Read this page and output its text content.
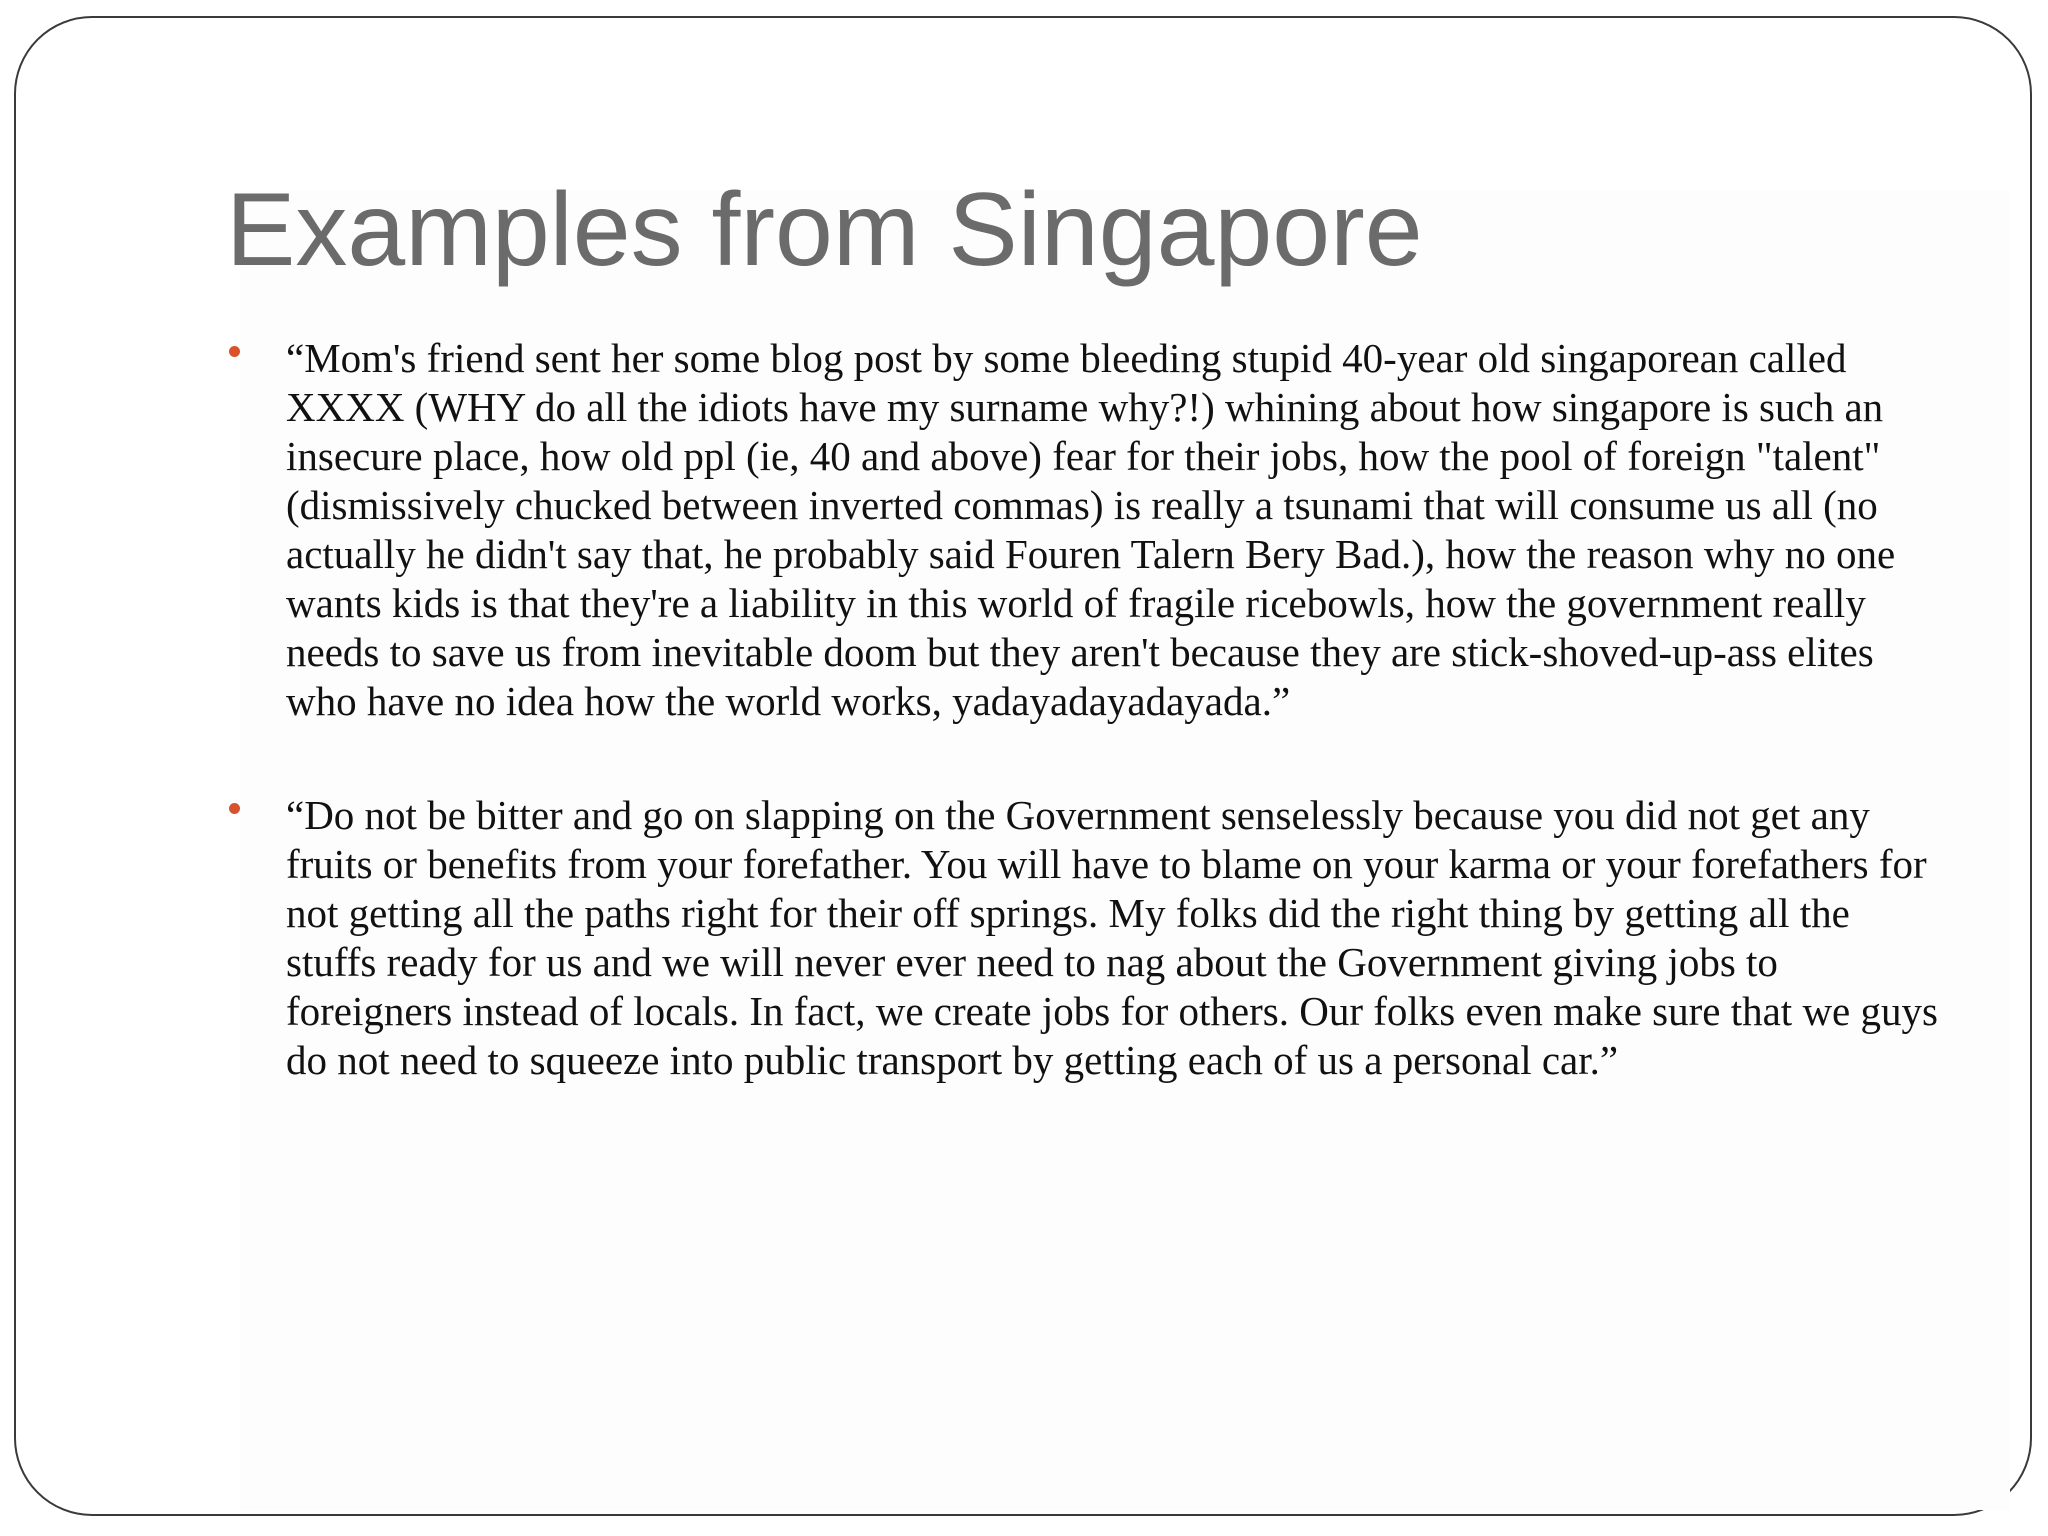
Examples from Singapore
“Mom's friend sent her some blog post by some bleeding stupid 40-year old singaporean called XXXX (WHY do all the idiots have my surname why?!) whining about how singapore is such an insecure place, how old ppl (ie, 40 and above) fear for their jobs, how the pool of foreign "talent" (dismissively chucked between inverted commas) is really a tsunami that will consume us all (no actually he didn't say that, he probably said Fouren Talern Bery Bad.), how the reason why no one wants kids is that they're a liability in this world of fragile ricebowls, how the government really needs to save us from inevitable doom but they aren't because they are stick-shoved-up-ass elites who have no idea how the world works, yadayadayadayada.”
“Do not be bitter and go on slapping on the Government senselessly because you did not get any fruits or benefits from your forefather. You will have to blame on your karma or your forefathers for not getting all the paths right for their off springs. My folks did the right thing by getting all the stuffs ready for us and we will never ever need to nag about the Government giving jobs to foreigners instead of locals. In fact, we create jobs for others. Our folks even make sure that we guys do not need to squeeze into public transport by getting each of us a personal car.”
